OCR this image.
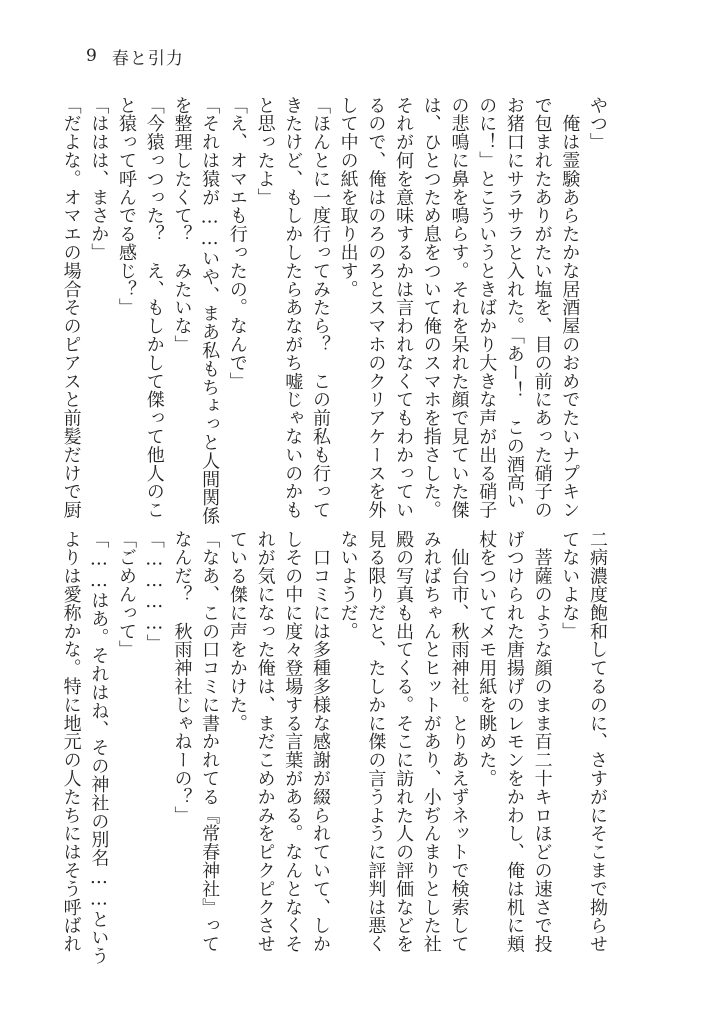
9 春と引力
やつ」
　俺は霊験あらたかな居酒屋のおめでたいナプキン
で包まれたありがたい塩を、目の前にあった硝子の
お猪口にサラサラと入れた。「あー！　この酒高い
のに！」とこういうときばかり大きな声が出る硝子
の悲鳴に鼻を鳴らす。それを呆れた顔で見ていた傑
は、ひとつため息をついて俺のスマホを指さした。
それが何を意味するかは言われなくてもわかってい
るので、俺はのろのろとスマホのクリアケースを外
して中の紙を取り出す。
「ほんとに一度行ってみたら？　この前私も行って
きたけど、もしかしたらあながち嘘じゃないのかも
と思ったよ」
「え、オマエも行ったの。なんで」
「それは猿が……いや、まあ私もちょっと人間関係
を整理したくて？　みたいな」
「今猿っつった？　え、もしかして傑って他人のこ
と猿って呼んでる感じ？」
「ははは、まさか」
「だよな。オマエの場合そのピアスと前髪だけで厨
二病濃度飽和してるのに、さすがにそこまで拗らせ
てないよな」
　菩薩のような顔のまま百二十キロほどの速さで投
げつけられた唐揚げのレモンをかわし、俺は机に頬
杖をついてメモ用紙を眺めた。
　仙台市、秋雨神社。とりあえずネットで検索して
みればちゃんとヒットがあり、小ぢんまりとした社
殿の写真も出てくる。そこに訪れた人の評価などを
見る限りだと、たしかに傑の言うように評判は悪く
ないようだ。
　口コミには多種多様な感謝が綴られていて、しか
しその中に度々登場する言葉がある。なんとなくそ
れが気になった俺は、まだこめかみをピクピクさせ
ている傑に声をかけた。
「なあ、この口コミに書かれてる『常春神社』って
なんだ？　秋雨神社じゃねーの？」
「…………」
「ごめんって」
「……はあ。それはね、その神社の別名……という
よりは愛称かな。特に地元の人たちにはそう呼ばれ
